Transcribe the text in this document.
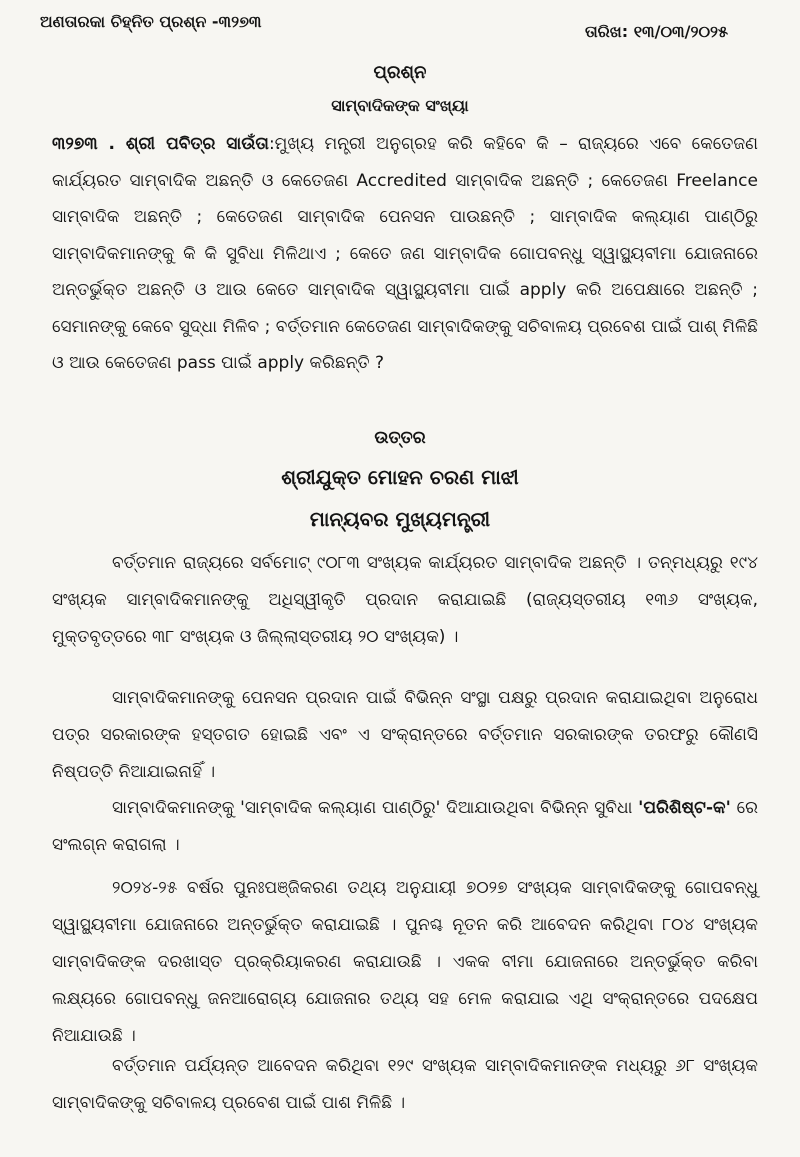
ଅଣତାରକା ଚିହ୍ନିତ ପ୍ରଶ୍ନ -୩୨୭୩
ତାରିଖ: ୧୩/୦୩/୨୦୨୫
ପ୍ରଶ୍ନ
ସାମ୍ବାଦିକଙ୍କ ସଂଖ୍ୟା
୩୨୭୩ . ଶ୍ରୀ ପବିତ୍ର ସାଉଁତା:ମୁଖ୍ୟ ମନ୍ତ୍ରୀ ଅନୁଗ୍ରହ କରି କହିବେ କି – ରାଜ୍ୟରେ ଏବେ କେତେଜଣ କାର୍ଯ୍ୟରତ ସାମ୍ବାଦିକ ଅଛନ୍ତି ଓ କେତେଜଣ Accredited ସାମ୍ବାଦିକ ଅଛନ୍ତି ; କେତେଜଣ Freelance ସାମ୍ବାଦିକ ଅଛନ୍ତି ; କେତେଜଣ ସାମ୍ବାଦିକ ପେନସନ ପାଉଛନ୍ତି ; ସାମ୍ବାଦିକ କଲ୍ୟାଣ ପାଣ୍ଠିରୁ ସାମ୍ବାଦିକମାନଙ୍କୁ କି କି ସୁବିଧା ମିଳିଥାଏ ; କେତେ ଜଣ ସାମ୍ବାଦିକ ଗୋପବନ୍ଧୁ ସ୍ୱାସ୍ଥ୍ୟବୀମା ଯୋଜନାରେ ଅନ୍ତର୍ଭୁକ୍ତ ଅଛନ୍ତି ଓ ଆଉ କେତେ ସାମ୍ବାଦିକ ସ୍ୱାସ୍ଥ୍ୟବୀମା ପାଇଁ apply କରି ଅପେକ୍ଷାରେ ଅଛନ୍ତି ; ସେମାନଙ୍କୁ କେବେ ସୁଦ୍ଧା ମିଳିବ ; ବର୍ତ୍ତମାନ କେତେଜଣ ସାମ୍ବାଦିକଙ୍କୁ ସଚିବାଳୟ ପ୍ରବେଶ ପାଇଁ ପାଶ୍ ମିଳିଛି ଓ ଆଉ କେତେଜଣ pass ପାଇଁ apply କରିଛନ୍ତି ?
ଉତ୍ତର
ଶ୍ରୀଯୁକ୍ତ ମୋହନ ଚରଣ ମାଝୀ
ମାନ୍ୟବର ମୁଖ୍ୟମନ୍ତ୍ରୀ
ବର୍ତ୍ତମାନ ରାଜ୍ୟରେ ସର୍ବମୋଟ୍ ୯୦୮୩ ସଂଖ୍ୟକ କାର୍ଯ୍ୟରତ ସାମ୍ବାଦିକ ଅଛନ୍ତି । ତନ୍ମଧ୍ୟରୁ ୧୯୪ ସଂଖ୍ୟକ ସାମ୍ବାଦିକମାନଙ୍କୁ ଅଧିସ୍ୱୀକୃତି ପ୍ରଦାନ କରାଯାଇଛି (ରାଜ୍ୟସ୍ତରୀୟ ୧୩୬ ସଂଖ୍ୟକ, ମୁକ୍ତବୃତ୍ତରେ ୩୮ ସଂଖ୍ୟକ ଓ ଜିଲ୍ଲାସ୍ତରୀୟ ୨୦ ସଂଖ୍ୟକ) ।
ସାମ୍ବାଦିକମାନଙ୍କୁ ପେନସନ ପ୍ରଦାନ ପାଇଁ ବିଭିନ୍ନ ସଂସ୍ଥା ପକ୍ଷରୁ ପ୍ରଦାନ କରାଯାଇଥିବା ଅନୁରୋଧ ପତ୍ର ସରକାରଙ୍କ ହସ୍ତଗତ ହୋଇଛି ଏବଂ ଏ ସଂକ୍ରାନ୍ତରେ ବର୍ତ୍ତମାନ ସରକାରଙ୍କ ତରଫରୁ କୌଣସି ନିଷ୍ପତ୍ତି ନିଆଯାଇନାହିଁ ।
ସାମ୍ବାଦିକମାନଙ୍କୁ 'ସାମ୍ବାଦିକ କଲ୍ୟାଣ ପାଣ୍ଠିରୁ' ଦିଆଯାଉଥିବା ବିଭିନ୍ନ ସୁବିଧା 'ପରିଶିଷ୍ଟ-କ' ରେ ସଂଲଗ୍ନ କରାଗଲା ।
୨୦୨୪-୨୫ ବର୍ଷର ପୁନଃପଞ୍ଜିକରଣ ତଥ୍ୟ ଅନୁଯାୟୀ ୭୦୨୭ ସଂଖ୍ୟକ ସାମ୍ବାଦିକଙ୍କୁ ଗୋପବନ୍ଧୁ ସ୍ୱାସ୍ଥ୍ୟବୀମା ଯୋଜନାରେ ଅନ୍ତର୍ଭୁକ୍ତ କରାଯାଇଛି । ପୁନଶ୍ଚ ନୂତନ କରି ଆବେଦନ କରିଥିବା ୮୦୪ ସଂଖ୍ୟକ ସାମ୍ବାଦିକଙ୍କ ଦରଖାସ୍ତ ପ୍ରକ୍ରିୟାକରଣ କରାଯାଉଛି । ଏକକ ବୀମା ଯୋଜନାରେ ଅନ୍ତର୍ଭୁକ୍ତ କରିବା ଲକ୍ଷ୍ୟରେ ଗୋପବନ୍ଧୁ ଜନଆରୋଗ୍ୟ ଯୋଜନାର ତଥ୍ୟ ସହ ମେଳ କରାଯାଇ ଏଥି ସଂକ୍ରାନ୍ତରେ ପଦକ୍ଷେପ ନିଆଯାଉଛି ।
ବର୍ତ୍ତମାନ ପର୍ଯ୍ୟନ୍ତ ଆବେଦନ କରିଥିବା ୧୨୯ ସଂଖ୍ୟକ ସାମ୍ବାଦିକମାନଙ୍କ ମଧ୍ୟରୁ ୬୮ ସଂଖ୍ୟକ ସାମ୍ବାଦିକଙ୍କୁ ସଚିବାଳୟ ପ୍ରବେଶ ପାଇଁ ପାଶ ମିଳିଛି ।
